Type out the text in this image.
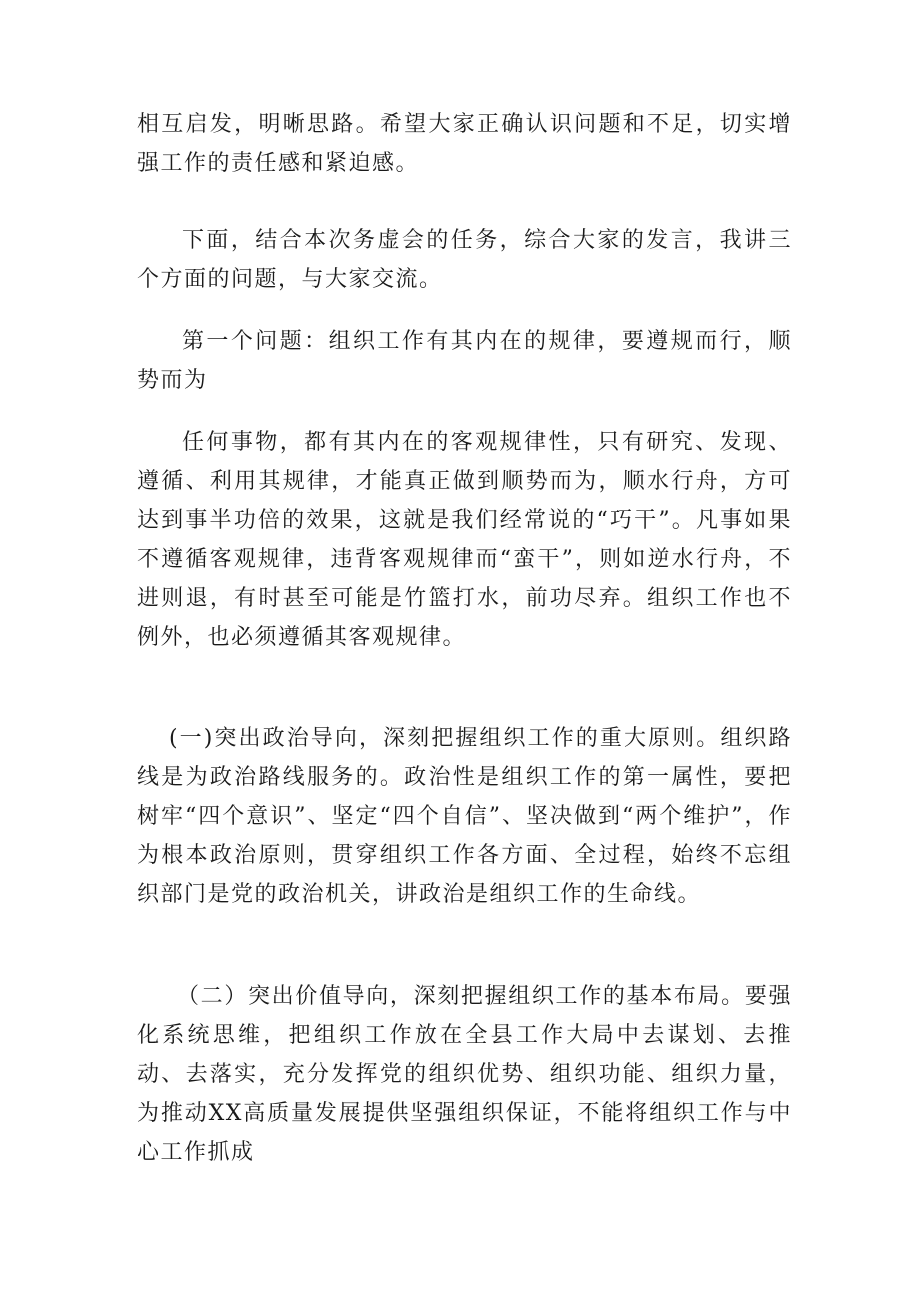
相互启发，明晰思路。希望大家正确认识问题和不足，切实增强工作的责任感和紧迫感。

下面，结合本次务虚会的任务，综合大家的发言，我讲三个方面的问题，与大家交流。

第一个问题：组织工作有其内在的规律，要遵规而行，顺势而为

任何事物，都有其内在的客观规律性，只有研究、发现、遵循、利用其规律，才能真正做到顺势而为，顺水行舟，方可达到事半功倍的效果，这就是我们经常说的“巧干”。凡事如果不遵循客观规律，违背客观规律而“蛮干”，则如逆水行舟，不进则退，有时甚至可能是竹篮打水，前功尽弃。组织工作也不例外，也必须遵循其客观规律。

(一)突出政治导向，深刻把握组织工作的重大原则。组织路线是为政治路线服务的。政治性是组织工作的第一属性，要把树牢“四个意识”、坚定“四个自信”、坚决做到“两个维护”，作为根本政治原则，贯穿组织工作各方面、全过程，始终不忘组织部门是党的政治机关，讲政治是组织工作的生命线。

（二）突出价值导向，深刻把握组织工作的基本布局。要强化系统思维，把组织工作放在全县工作大局中去谋划、去推动、去落实，充分发挥党的组织优势、组织功能、组织力量，为推动XX高质量发展提供坚强组织保证，不能将组织工作与中心工作抓成
